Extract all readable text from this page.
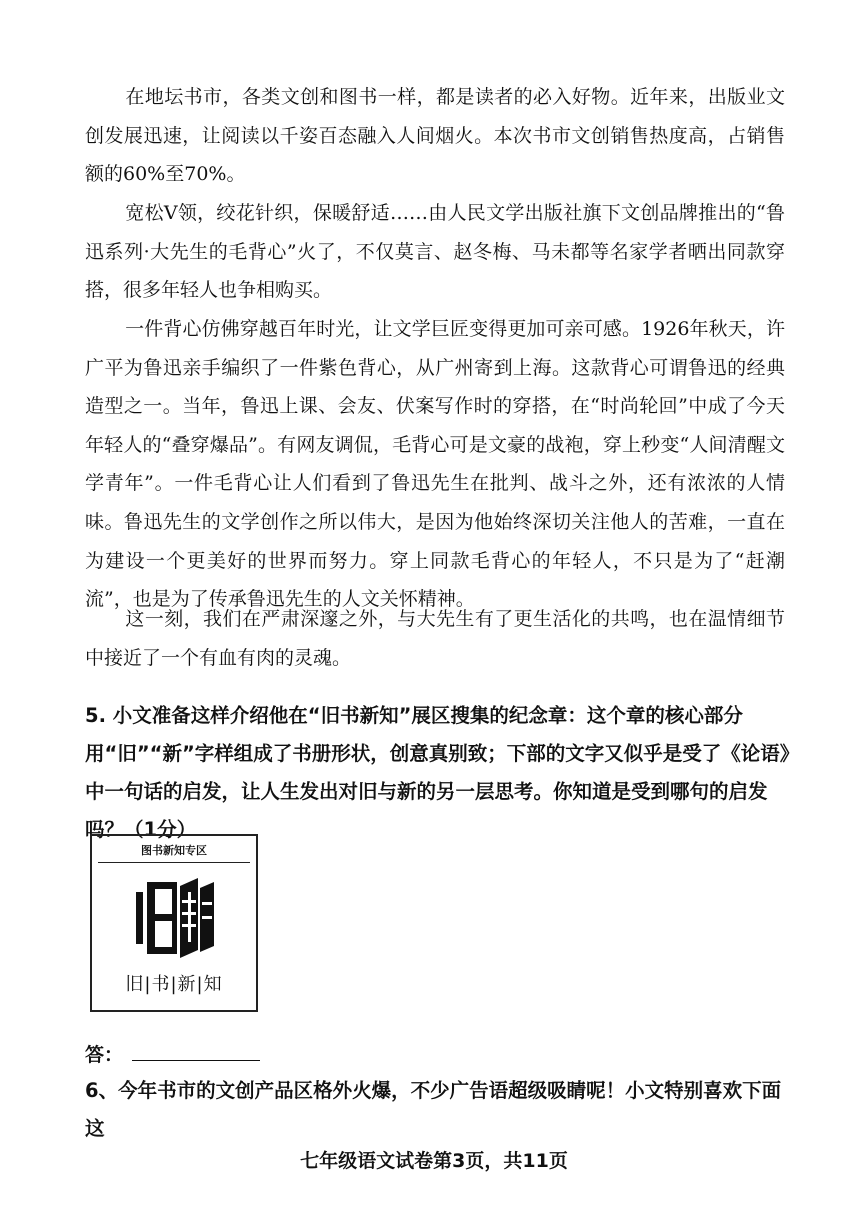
在地坛书市，各类文创和图书一样，都是读者的必入好物。近年来，出版业文创发展迅速，让阅读以千姿百态融入人间烟火。本次书市文创销售热度高，占销售额的60%至70%。

宽松Ⅴ领，绞花针织，保暖舒适……由人民文学出版社旗下文创品牌推出的“鲁迅系列·大先生的毛背心”火了，不仅莫言、赵冬梅、马未都等名家学者晒出同款穿搭，很多年轻人也争相购买。

一件背心仿佛穿越百年时光，让文学巨匠变得更加可亲可感。1926年秋天，许广平为鲁迅亲手编织了一件紫色背心，从广州寄到上海。这款背心可谓鲁迅的经典造型之一。当年，鲁迅上课、会友、伏案写作时的穿搭，在“时尚轮回”中成了今天年轻人的“叠穿爆品”。有网友调侃，毛背心可是文豪的战袍，穿上秒变“人间清醒文学青年”。一件毛背心让人们看到了鲁迅先生在批判、战斗之外，还有浓浓的人情味。鲁迅先生的文学创作之所以伟大，是因为他始终深切关注他人的苦难，一直在为建设一个更美好的世界而努力。穿上同款毛背心的年轻人，不只是为了“赶潮流”，也是为了传承鲁迅先生的人文关怀精神。

这一刻，我们在严肃深邃之外，与大先生有了更生活化的共鸣，也在温情细节中接近了一个有血有肉的灵魂。

5. 小文准备这样介绍他在“旧书新知”展区搜集的纪念章：这个章的核心部分用“旧”“新”字样组成了书册形状，创意真别致；下部的文字又似乎是受了《论语》中一句话的启发，让人生发出对旧与新的另一层思考。你知道是受到哪句的启发吗？（1分）

图书新知专区
旧|书|新|知
答：

6、今年书市的文创产品区格外火爆，不少广告语超级吸睛呢！小文特别喜欢下面这

七年级语文试卷第3页，共11页
